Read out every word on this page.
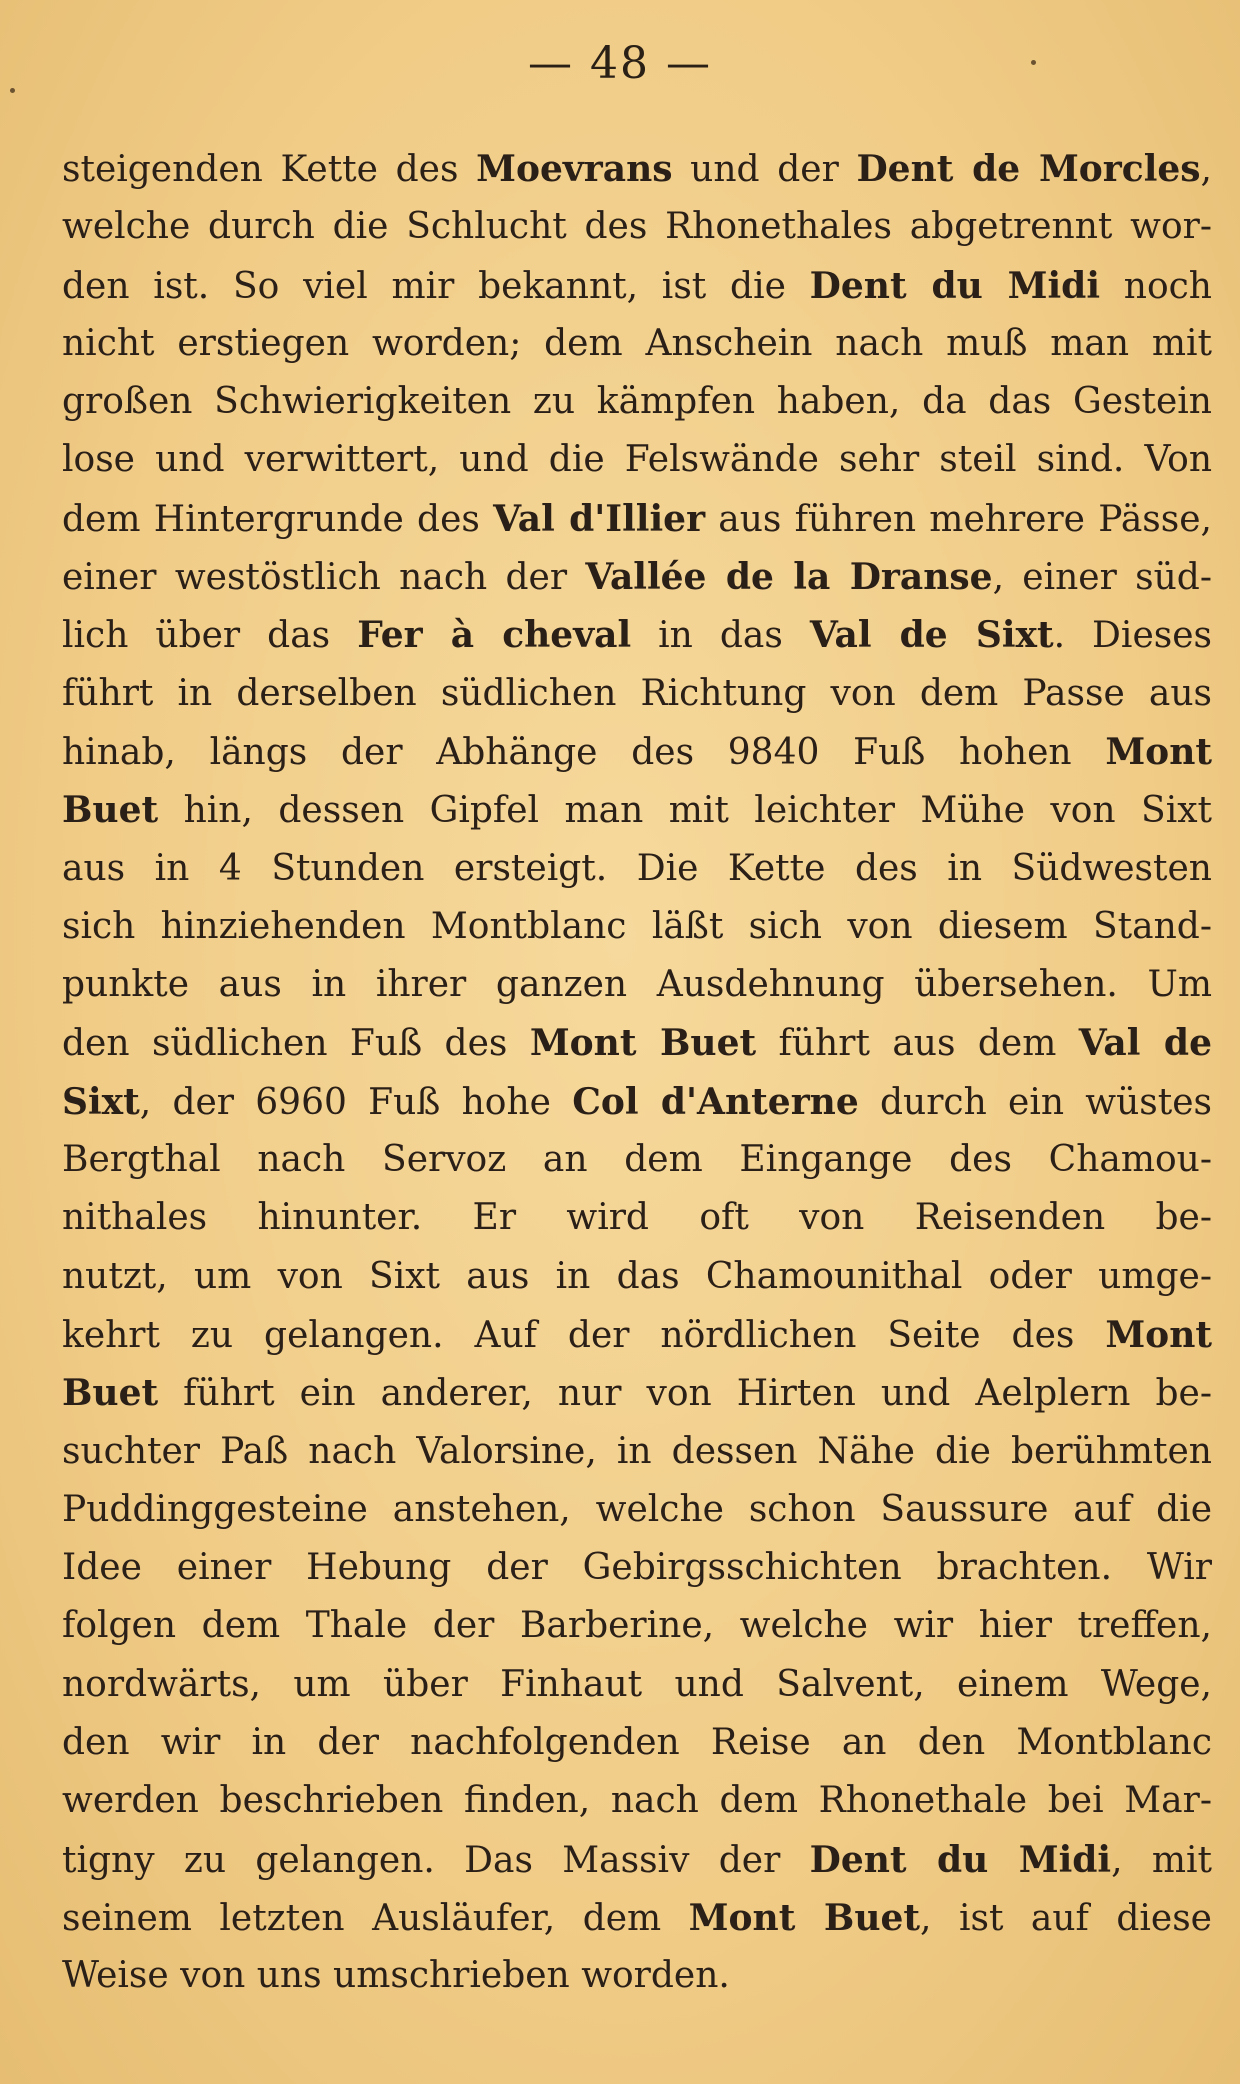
— 48 —
steigenden Kette des Moevrans und der Dent de Morcles,
welche durch die Schlucht des Rhonethales abgetrennt wor-
den ist. So viel mir bekannt, ist die Dent du Midi noch
nicht erstiegen worden; dem Anschein nach muß man mit
großen Schwierigkeiten zu kämpfen haben, da das Gestein
lose und verwittert, und die Felswände sehr steil sind. Von
dem Hintergrunde des Val d'Illier aus führen mehrere Pässe,
einer westöstlich nach der Vallée de la Dranse, einer süd-
lich über das Fer à cheval in das Val de Sixt. Dieses
führt in derselben südlichen Richtung von dem Passe aus
hinab, längs der Abhänge des 9840 Fuß hohen Mont
Buet hin, dessen Gipfel man mit leichter Mühe von Sixt
aus in 4 Stunden ersteigt. Die Kette des in Südwesten
sich hinziehenden Montblanc läßt sich von diesem Stand-
punkte aus in ihrer ganzen Ausdehnung übersehen. Um
den südlichen Fuß des Mont Buet führt aus dem Val de
Sixt, der 6960 Fuß hohe Col d'Anterne durch ein wüstes
Bergthal nach Servoz an dem Eingange des Chamou-
nithales hinunter. Er wird oft von Reisenden be-
nutzt, um von Sixt aus in das Chamounithal oder umge-
kehrt zu gelangen. Auf der nördlichen Seite des Mont
Buet führt ein anderer, nur von Hirten und Aelplern be-
suchter Paß nach Valorsine, in dessen Nähe die berühmten
Puddinggesteine anstehen, welche schon Saussure auf die
Idee einer Hebung der Gebirgsschichten brachten. Wir
folgen dem Thale der Barberine, welche wir hier treffen,
nordwärts, um über Finhaut und Salvent, einem Wege,
den wir in der nachfolgenden Reise an den Montblanc
werden beschrieben finden, nach dem Rhonethale bei Mar-
tigny zu gelangen. Das Massiv der Dent du Midi, mit
seinem letzten Ausläufer, dem Mont Buet, ist auf diese
Weise von uns umschrieben worden.
